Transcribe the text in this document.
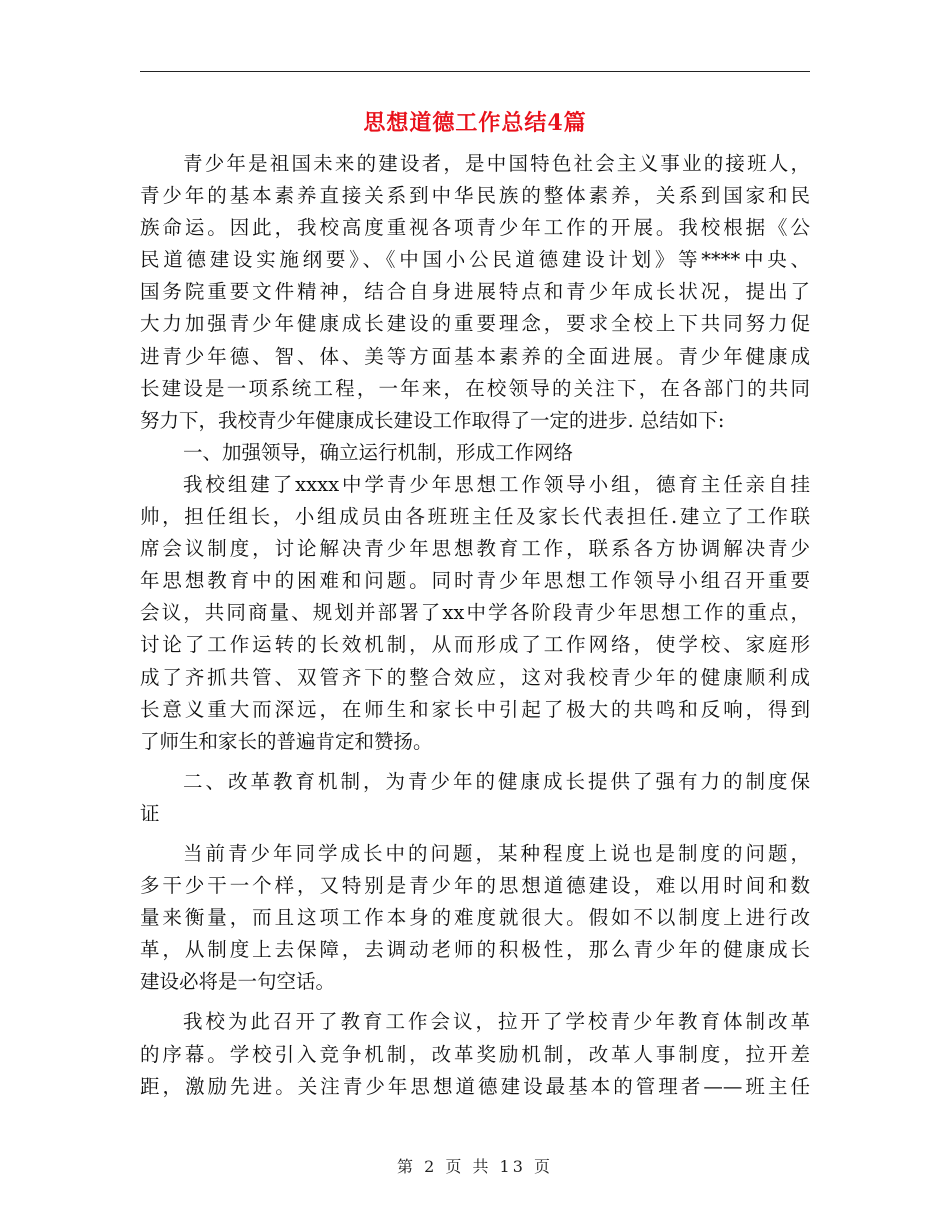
思想道德工作总结4篇
青少年是祖国未来的建设者，是中国特色社会主义事业的接班人，
青少年的基本素养直接关系到中华民族的整体素养，关系到国家和民
族命运。因此，我校高度重视各项青少年工作的开展。我校根据《公
民道德建设实施纲要》、《中国小公民道德建设计划》等****中央、
国务院重要文件精神，结合自身进展特点和青少年成长状况，提出了
大力加强青少年健康成长建设的重要理念，要求全校上下共同努力促
进青少年德、智、体、美等方面基本素养的全面进展。青少年健康成
长建设是一项系统工程，一年来，在校领导的关注下，在各部门的共同
努力下，我校青少年健康成长建设工作取得了一定的进步. 总结如下:
一、加强领导，确立运行机制，形成工作网络
我校组建了xxxx中学青少年思想工作领导小组，德育主任亲自挂
帅，担任组长，小组成员由各班班主任及家长代表担任.建立了工作联
席会议制度，讨论解决青少年思想教育工作，联系各方协调解决青少
年思想教育中的困难和问题。同时青少年思想工作领导小组召开重要
会议，共同商量、规划并部署了xx中学各阶段青少年思想工作的重点，
讨论了工作运转的长效机制，从而形成了工作网络，使学校、家庭形
成了齐抓共管、双管齐下的整合效应，这对我校青少年的健康顺利成
长意义重大而深远，在师生和家长中引起了极大的共鸣和反响，得到
了师生和家长的普遍肯定和赞扬。
二、改革教育机制，为青少年的健康成长提供了强有力的制度保
证
当前青少年同学成长中的问题，某种程度上说也是制度的问题，
多干少干一个样，又特别是青少年的思想道德建设，难以用时间和数
量来衡量，而且这项工作本身的难度就很大。假如不以制度上进行改
革，从制度上去保障，去调动老师的积极性，那么青少年的健康成长
建设必将是一句空话。
我校为此召开了教育工作会议，拉开了学校青少年教育体制改革
的序幕。学校引入竞争机制，改革奖励机制，改革人事制度，拉开差
距，激励先进。关注青少年思想道德建设最基本的管理者——班主任
第 2 页 共 13 页
